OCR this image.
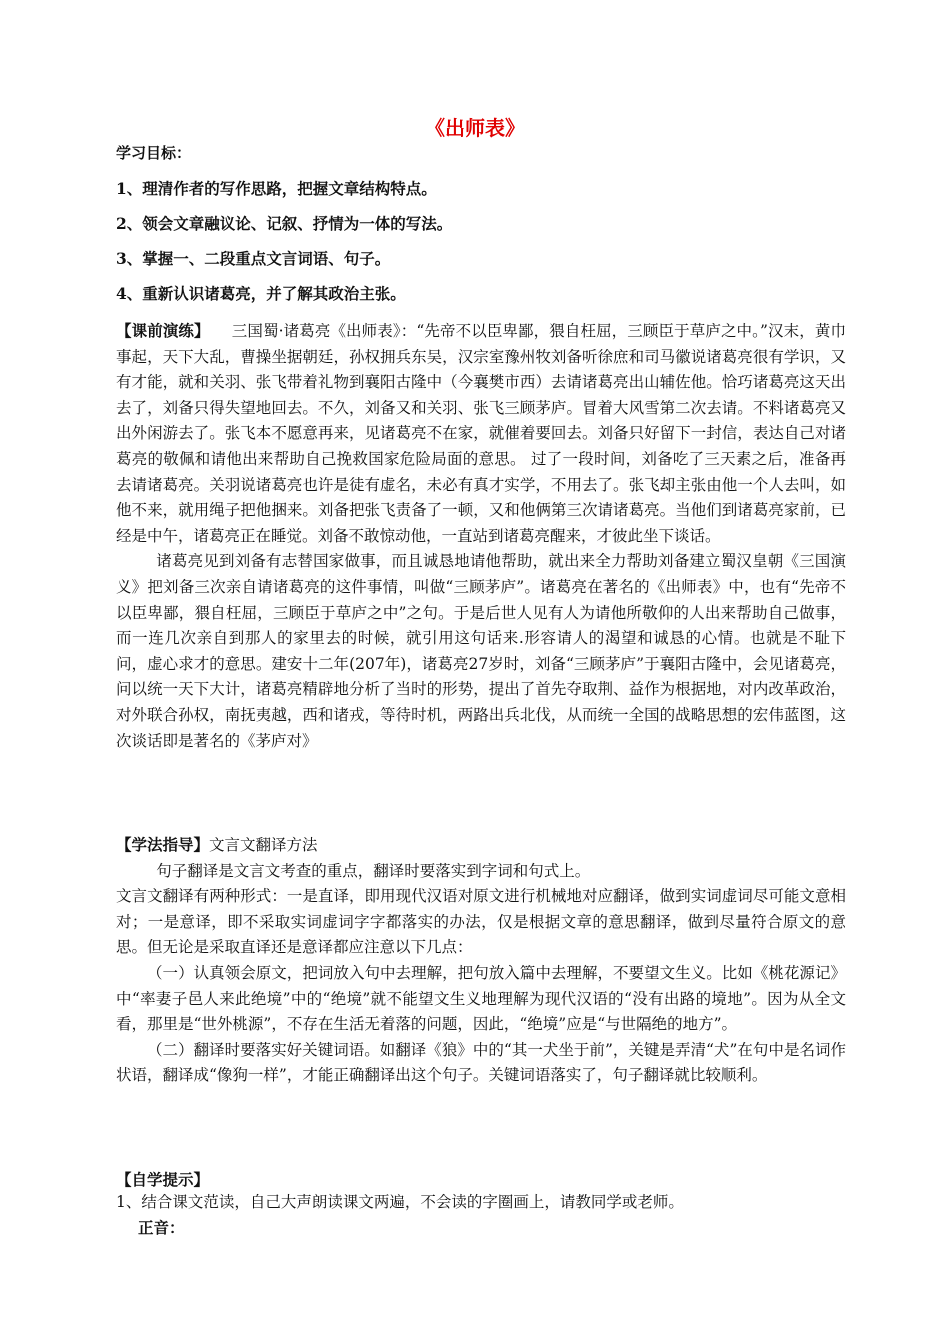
《出师表》
学习目标：
1、理清作者的写作思路，把握文章结构特点。
2、领会文章融议论、记叙、抒情为一体的写法。
3、掌握一、二段重点文言词语、句子。
4、重新认识诸葛亮，并了解其政治主张。

【课前演练】 三国蜀·诸葛亮《出师表》：“先帝不以臣卑鄙，猥自枉屈，三顾臣于草庐之中。”汉末，黄巾事起，天下大乱，曹操坐据朝廷，孙权拥兵东吴，汉宗室豫州牧刘备听徐庶和司马徽说诸葛亮很有学识，又有才能，就和关羽、张飞带着礼物到襄阳古隆中（今襄樊市西）去请诸葛亮出山辅佐他。恰巧诸葛亮这天出去了，刘备只得失望地回去。不久，刘备又和关羽、张飞三顾茅庐。冒着大风雪第二次去请。不料诸葛亮又出外闲游去了。张飞本不愿意再来，见诸葛亮不在家，就催着要回去。刘备只好留下一封信，表达自己对诸葛亮的敬佩和请他出来帮助自己挽救国家危险局面的意思。 过了一段时间，刘备吃了三天素之后，准备再去请诸葛亮。关羽说诸葛亮也许是徒有虚名，未必有真才实学，不用去了。张飞却主张由他一个人去叫，如他不来，就用绳子把他捆来。刘备把张飞责备了一顿，又和他俩第三次请诸葛亮。当他们到诸葛亮家前，已经是中午，诸葛亮正在睡觉。刘备不敢惊动他，一直站到诸葛亮醒来，才彼此坐下谈话。

诸葛亮见到刘备有志替国家做事，而且诚恳地请他帮助，就出来全力帮助刘备建立蜀汉皇朝《三国演义》把刘备三次亲自请诸葛亮的这件事情，叫做“三顾茅庐”。诸葛亮在著名的《出师表》中，也有“先帝不以臣卑鄙，猥自枉屈，三顾臣于草庐之中”之句。于是后世人见有人为请他所敬仰的人出来帮助自己做事，而一连几次亲自到那人的家里去的时候，就引用这句话来.形容请人的渴望和诚恳的心情。也就是不耻下问，虚心求才的意思。建安十二年(207年)，诸葛亮27岁时，刘备“三顾茅庐”于襄阳古隆中，会见诸葛亮，问以统一天下大计，诸葛亮精辟地分析了当时的形势，提出了首先夺取荆、益作为根据地，对内改革政治，对外联合孙权，南抚夷越，西和诸戎，等待时机，两路出兵北伐，从而统一全国的战略思想的宏伟蓝图，这次谈话即是著名的《茅庐对》

【学法指导】文言文翻译方法

句子翻译是文言文考查的重点，翻译时要落实到字词和句式上。

文言文翻译有两种形式：一是直译，即用现代汉语对原文进行机械地对应翻译，做到实词虚词尽可能文意相对；一是意译，即不采取实词虚词字字都落实的办法，仅是根据文章的意思翻译，做到尽量符合原文的意思。但无论是采取直译还是意译都应注意以下几点：

（一）认真领会原文，把词放入句中去理解，把句放入篇中去理解，不要望文生义。比如《桃花源记》中“率妻子邑人来此绝境”中的“绝境”就不能望文生义地理解为现代汉语的“没有出路的境地”。因为从全文看，那里是“世外桃源”，不存在生活无着落的问题，因此，“绝境”应是“与世隔绝的地方”。

（二）翻译时要落实好关键词语。如翻译《狼》中的“其一犬坐于前”，关键是弄清“犬”在句中是名词作状语，翻译成“像狗一样”，才能正确翻译出这个句子。关键词语落实了，句子翻译就比较顺利。

【自学提示】
1、结合课文范读，自己大声朗读课文两遍，不会读的字圈画上，请教同学或老师。
正音：
